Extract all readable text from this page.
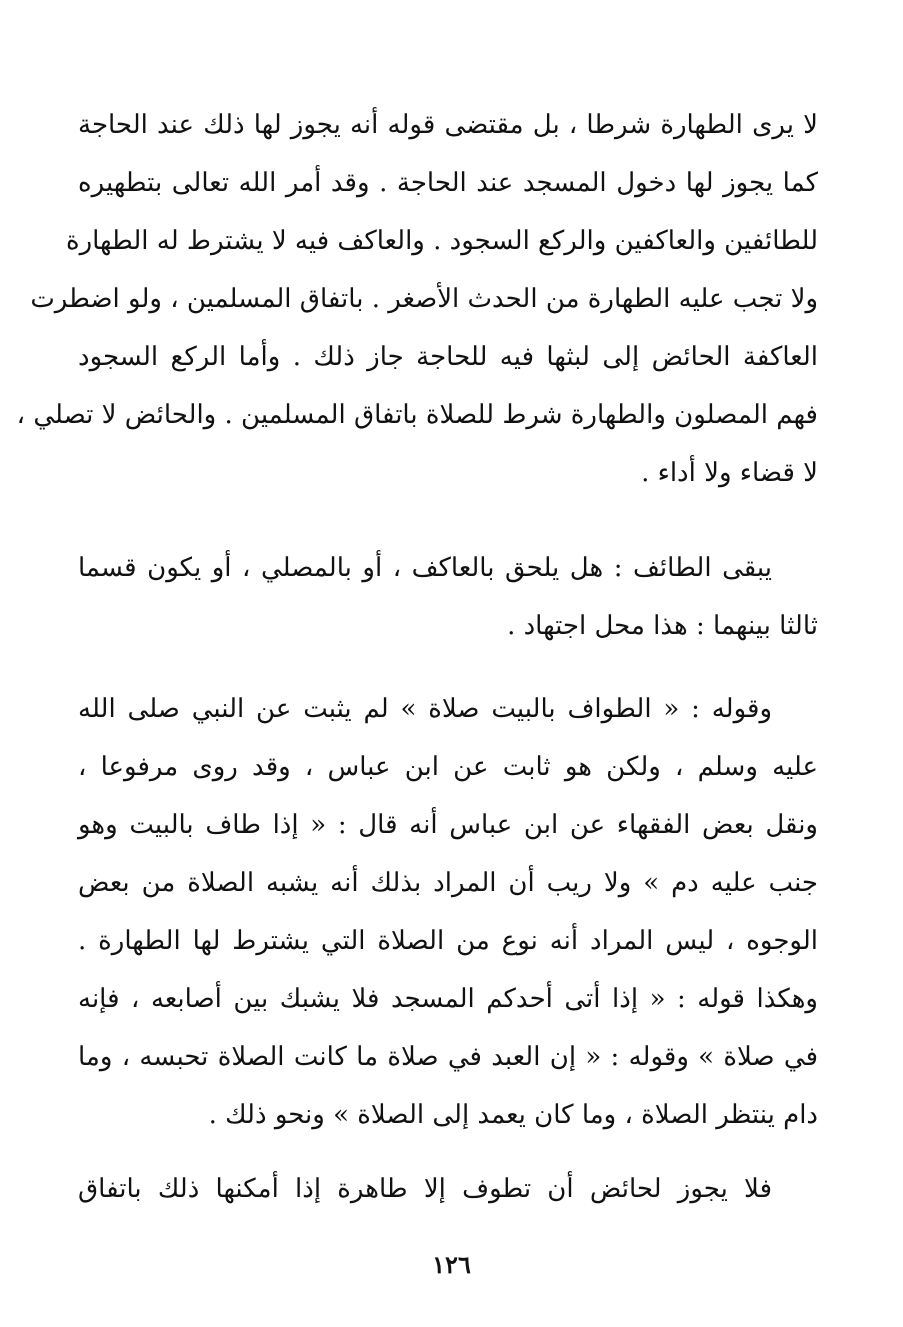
لا يرى الطهارة شرطا ، بل مقتضى قوله أنه يجوز لها ذلك عند الحاجة
كما يجوز لها دخول المسجد عند الحاجة . وقد أمر الله تعالى بتطهيره
للطائفين والعاكفين والركع السجود . والعاكف فيه لا يشترط له الطهارة
ولا تجب عليه الطهارة من الحدث الأصغر . باتفاق المسلمين ، ولو اضطرت
العاكفة الحائض إلى لبثها فيه للحاجة جاز ذلك . وأما الركع السجود
فهم المصلون والطهارة شرط للصلاة باتفاق المسلمين . والحائض لا تصلي ،
لا قضاء ولا أداء .
يبقى الطائف : هل يلحق بالعاكف ، أو بالمصلي ، أو يكون قسما
ثالثا بينهما : هذا محل اجتهاد .
وقوله : « الطواف بالبيت صلاة » لم يثبت عن النبي صلى الله
عليه وسلم ، ولكن هو ثابت عن ابن عباس ، وقد روى مرفوعا ،
ونقل بعض الفقهاء عن ابن عباس أنه قال : « إذا طاف بالبيت وهو
جنب عليه دم » ولا ريب أن المراد بذلك أنه يشبه الصلاة من بعض
الوجوه ، ليس المراد أنه نوع من الصلاة التي يشترط لها الطهارة .
وهكذا قوله : « إذا أتى أحدكم المسجد فلا يشبك بين أصابعه ، فإنه
في صلاة » وقوله : « إن العبد في صلاة ما كانت الصلاة تحبسه ، وما
دام ينتظر الصلاة ، وما كان يعمد إلى الصلاة » ونحو ذلك .
فلا يجوز لحائض أن تطوف إلا طاهرة إذا أمكنها ذلك باتفاق
١٢٦
